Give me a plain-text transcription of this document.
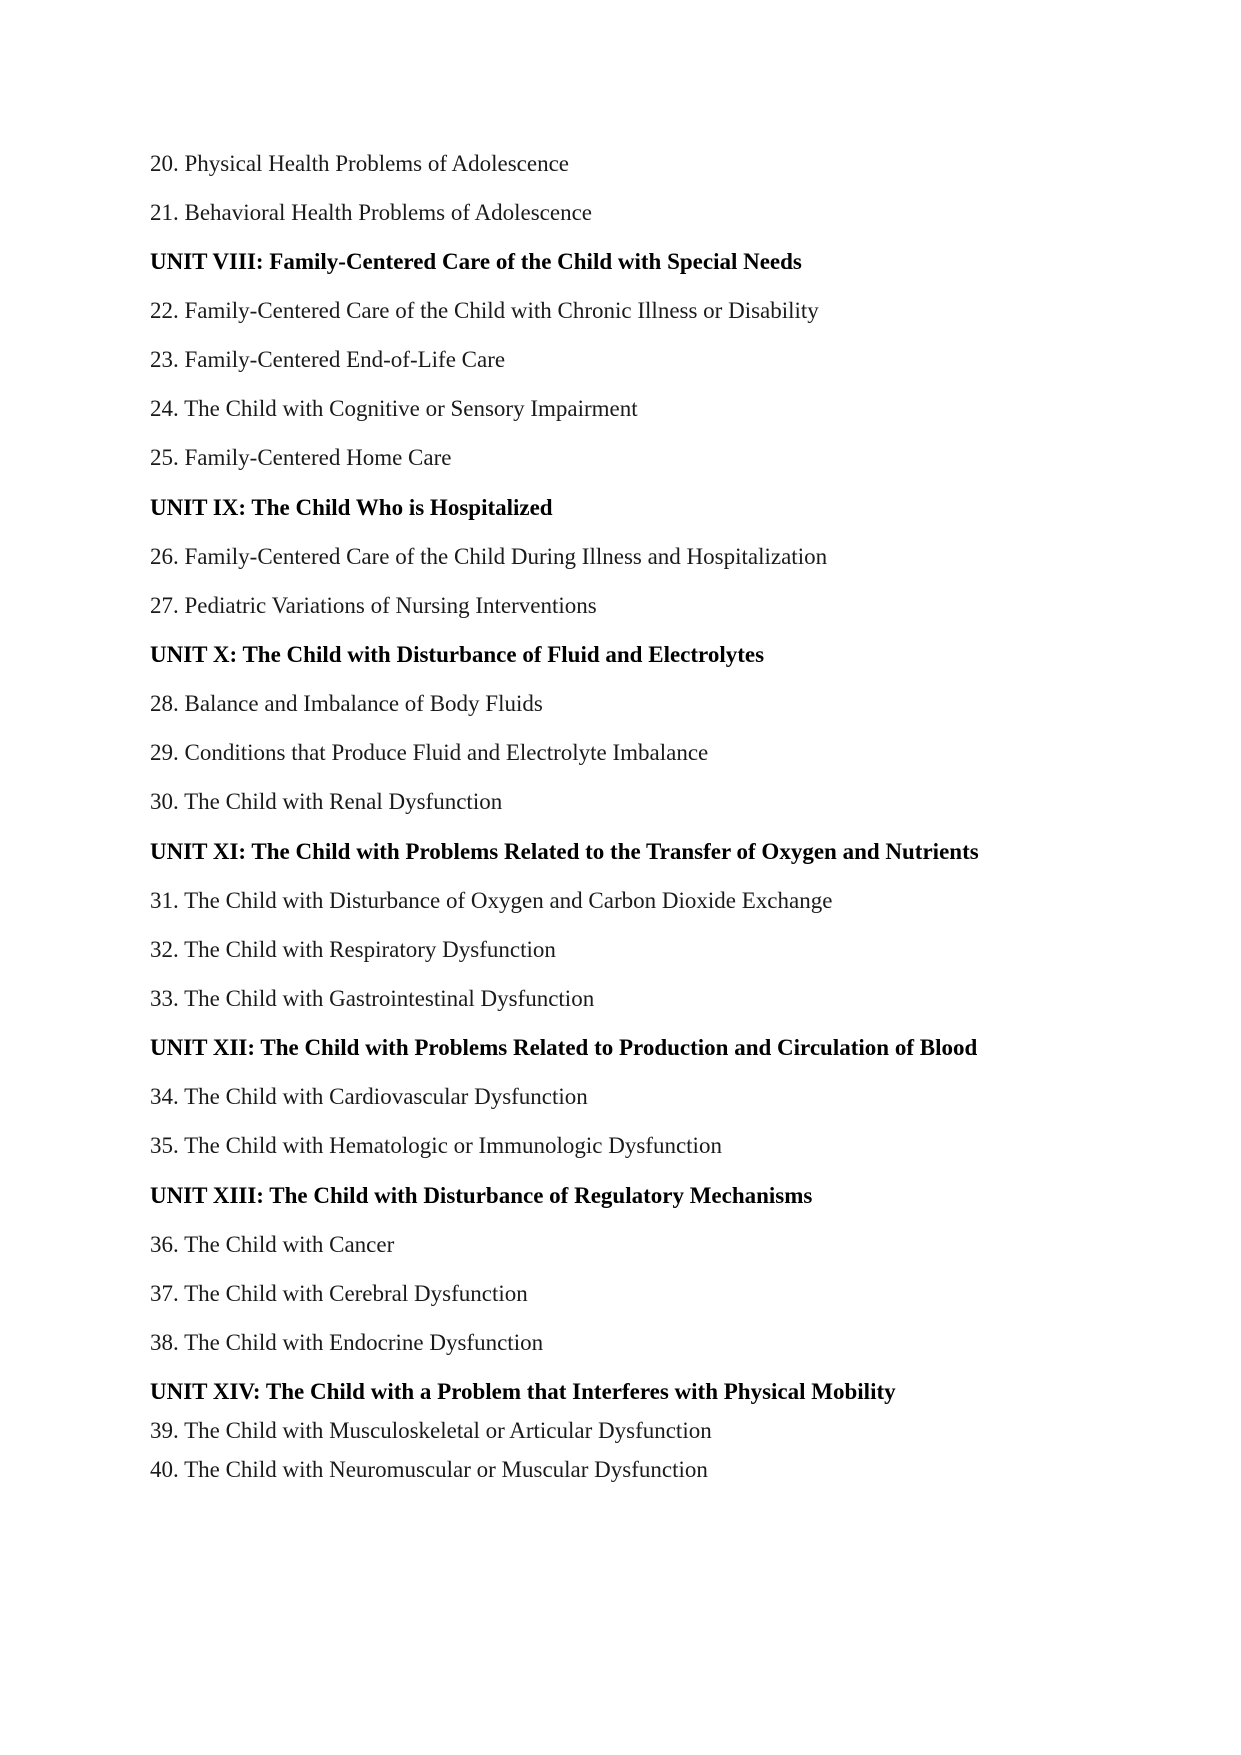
20. Physical Health Problems of Adolescence
21. Behavioral Health Problems of Adolescence
UNIT VIII: Family-Centered Care of the Child with Special Needs
22. Family-Centered Care of the Child with Chronic Illness or Disability
23. Family-Centered End-of-Life Care
24. The Child with Cognitive or Sensory Impairment
25. Family-Centered Home Care
UNIT IX: The Child Who is Hospitalized
26. Family-Centered Care of the Child During Illness and Hospitalization
27. Pediatric Variations of Nursing Interventions
UNIT X: The Child with Disturbance of Fluid and Electrolytes
28. Balance and Imbalance of Body Fluids
29. Conditions that Produce Fluid and Electrolyte Imbalance
30. The Child with Renal Dysfunction
UNIT XI: The Child with Problems Related to the Transfer of Oxygen and Nutrients
31. The Child with Disturbance of Oxygen and Carbon Dioxide Exchange
32. The Child with Respiratory Dysfunction
33. The Child with Gastrointestinal Dysfunction
UNIT XII: The Child with Problems Related to Production and Circulation of Blood
34. The Child with Cardiovascular Dysfunction
35. The Child with Hematologic or Immunologic Dysfunction
UNIT XIII: The Child with Disturbance of Regulatory Mechanisms
36. The Child with Cancer
37. The Child with Cerebral Dysfunction
38. The Child with Endocrine Dysfunction
UNIT XIV: The Child with a Problem that Interferes with Physical Mobility
39. The Child with Musculoskeletal or Articular Dysfunction
40. The Child with Neuromuscular or Muscular Dysfunction
